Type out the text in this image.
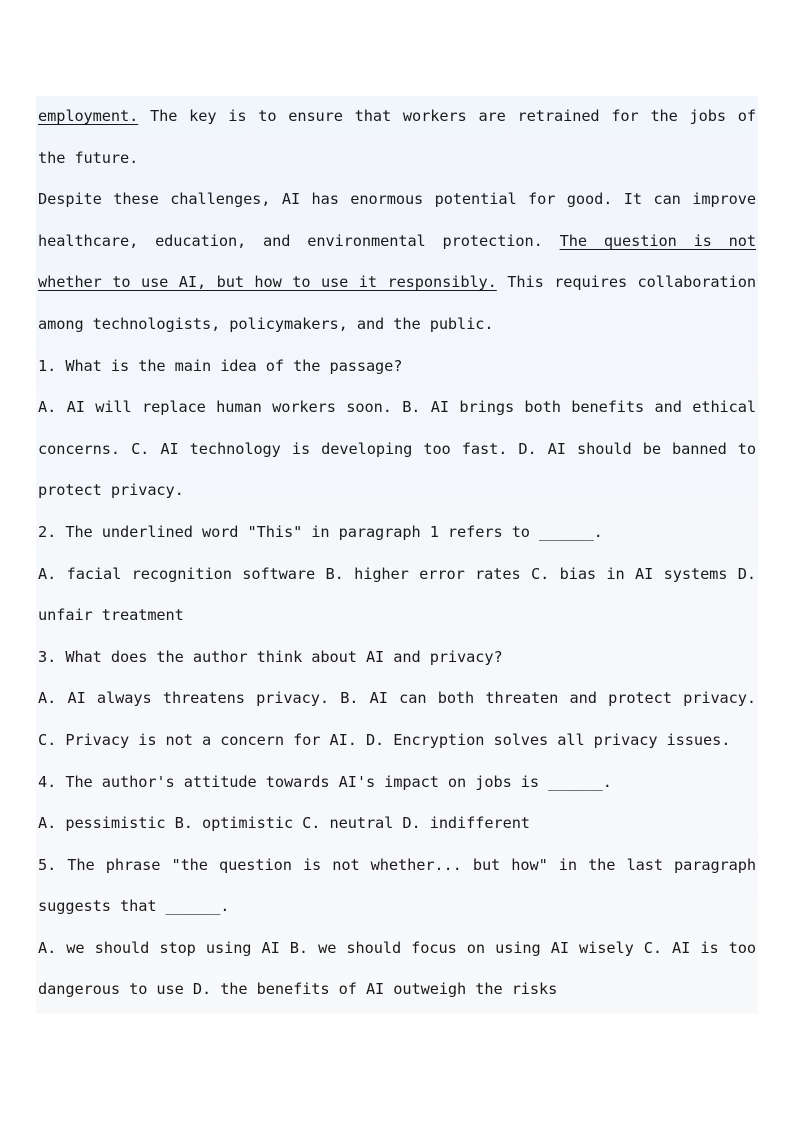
employment. The key is to ensure that workers are retrained for the jobs of the future.

Despite these challenges, AI has enormous potential for good. It can improve healthcare, education, and environmental protection. The question is not whether to use AI, but how to use it responsibly. This requires collaboration among technologists, policymakers, and the public.

1. What is the main idea of the passage?

A. AI will replace human workers soon. B. AI brings both benefits and ethical concerns. C. AI technology is developing too fast. D. AI should be banned to protect privacy.

2. The underlined word "This" in paragraph 1 refers to ______.

A. facial recognition software B. higher error rates C. bias in AI systems D. unfair treatment

3. What does the author think about AI and privacy?

A. AI always threatens privacy. B. AI can both threaten and protect privacy. C. Privacy is not a concern for AI. D. Encryption solves all privacy issues.

4. The author's attitude towards AI's impact on jobs is ______.

A. pessimistic B. optimistic C. neutral D. indifferent

5. The phrase "the question is not whether... but how" in the last paragraph suggests that ______.

A. we should stop using AI B. we should focus on using AI wisely C. AI is too dangerous to use D. the benefits of AI outweigh the risks
